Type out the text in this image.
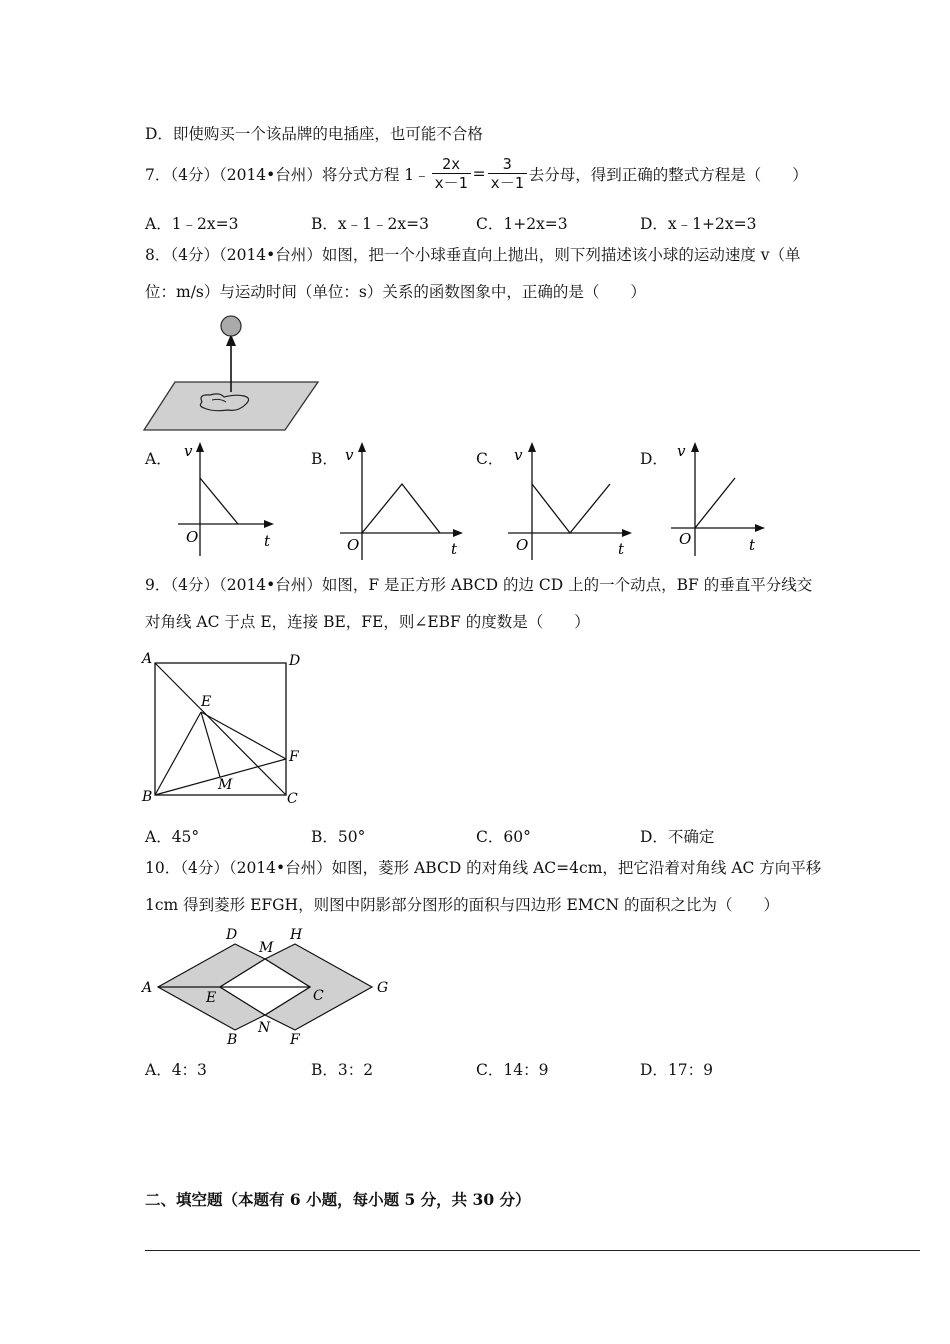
D．即使购买一个该品牌的电插座，也可能不合格
7．（4分）（2014•台州）将分式方程 1﹣ $\frac{2x}{x-1} = \frac{3}{x-1}$ 去分母，得到正确的整式方程是（　　）
A．1﹣2x=3	B．x﹣1﹣2x=3	C．1+2x=3	D．x﹣1+2x=3
8．（4分）（2014•台州）如图，把一个小球垂直向上抛出，则下列描述该小球的运动速度 v（单
位：m/s）与运动时间（单位：s）关系的函数图象中，正确的是（　　）
A． v
t
O
B． v
t
O
C． v
t
O
D． v
t
O
9．（4分）（2014•台州）如图，F 是正方形 ABCD 的边 CD 上的一个动点，BF 的垂直平分线交
对角线 AC 于点 E，连接 BE，FE，则∠EBF 的度数是（　　）
A	D
E
F
M
B	C
A．45°	B．50°	C．60°	D．不确定
10．（4分）（2014•台州）如图，菱形 ABCD 的对角线 AC=4cm，把它沿着对角线 AC 方向平移
1cm 得到菱形 EFGH，则图中阴影部分图形的面积与四边形 EMCN 的面积之比为（　　）
D
M
H
A
E	C	G
B
N
F
A．4：3	B．3：2	C．14：9	D．17：9
二、填空题（本题有 6 小题，每小题 5 分，共 30 分）
